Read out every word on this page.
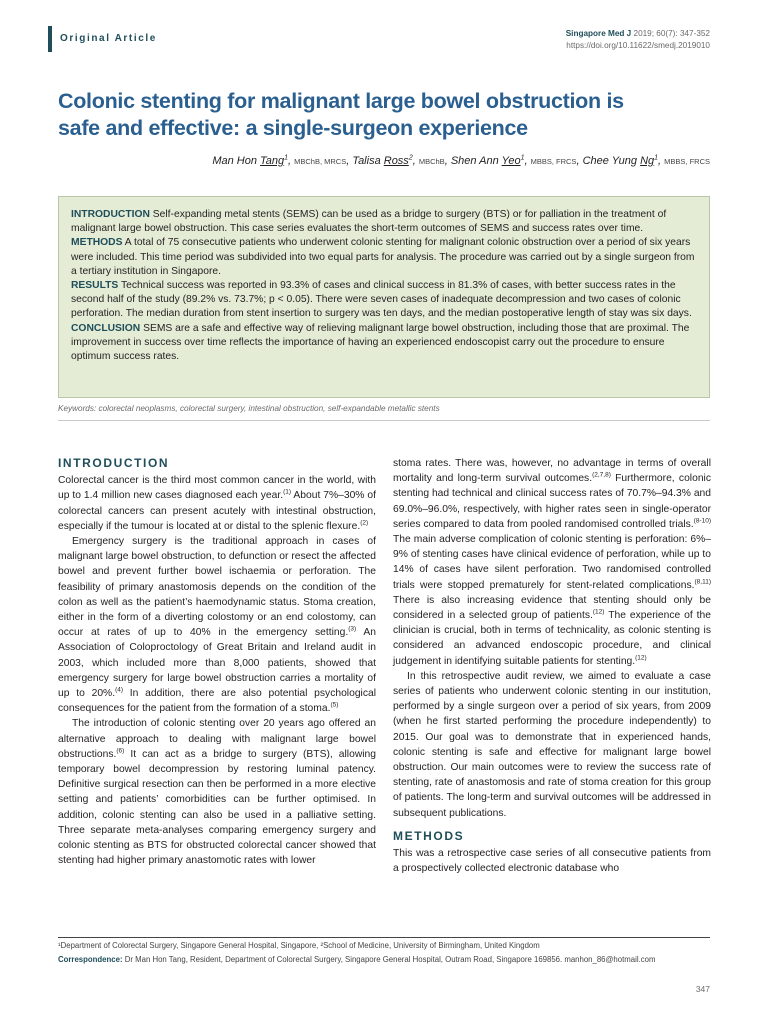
Original Article	Singapore Med J 2019; 60(7): 347-352
https://doi.org/10.11622/smedj.2019010
Colonic stenting for malignant large bowel obstruction is
safe and effective: a single-surgeon experience
Man Hon Tang$^1$, MBChB, MRCS, Talisa Ross$^2$, MBChB, Shen Ann Yeo$^1$, MBBS, FRCS, Chee Yung Ng$^1$, MBBS, FRCS

INTRODUCTION Self-expanding metal stents (SEMS) can be used as a bridge to surgery (BTS) or for palliation in the treatment of malignant large bowel obstruction. This case series evaluates the short-term outcomes of SEMS and success rates over time.

METHODS A total of 75 consecutive patients who underwent colonic stenting for malignant colonic obstruction over a period of six years were included. This time period was subdivided into two equal parts for analysis. The procedure was carried out by a single surgeon from a tertiary institution in Singapore.

RESULTS Technical success was reported in 93.3% of cases and clinical success in 81.3% of cases, with better success rates in the second half of the study (89.2% vs. 73.7%; p < 0.05). There were seven cases of inadequate decompression and two cases of colonic perforation. The median duration from stent insertion to surgery was ten days, and the median postoperative length of stay was six days.

CONCLUSION SEMS are a safe and effective way of relieving malignant large bowel obstruction, including those that are proximal. The improvement in success over time reflects the importance of having an experienced endoscopist carry out the procedure to ensure optimum success rates.

Keywords: colorectal neoplasms, colorectal surgery, intestinal obstruction, self-expandable metallic stents
INTRODUCTION

Colorectal cancer is the third most common cancer in the world, with up to 1.4 million new cases diagnosed each year.$^{(1)}$ About 7%–30% of colorectal cancers can present acutely with intestinal obstruction, especially if the tumour is located at or distal to the splenic flexure.$^{(2)}$

Emergency surgery is the traditional approach in cases of malignant large bowel obstruction, to defunction or resect the affected bowel and prevent further bowel ischaemia or perforation. The feasibility of primary anastomosis depends on the condition of the colon as well as the patient’s haemodynamic status. Stoma creation, either in the form of a diverting colostomy or an end colostomy, can occur at rates of up to 40% in the emergency setting.$^{(3)}$ An Association of Coloproctology of Great Britain and Ireland audit in 2003, which included more than 8,000 patients, showed that emergency surgery for large bowel obstruction carries a mortality of up to 20%.$^{(4)}$ In addition, there are also potential psychological consequences for the patient from the formation of a stoma.$^{(5)}$

The introduction of colonic stenting over 20 years ago offered an alternative approach to dealing with malignant large bowel obstructions.$^{(6)}$ It can act as a bridge to surgery (BTS), allowing temporary bowel decompression by restoring luminal patency. Definitive surgical resection can then be performed in a more elective setting and patients’ comorbidities can be further optimised. In addition, colonic stenting can also be used in a palliative setting. Three separate meta-analyses comparing emergency surgery and colonic stenting as BTS for obstructed colorectal cancer showed that stenting had higher primary anastomotic rates with lower

stoma rates. There was, however, no advantage in terms of overall mortality and long-term survival outcomes.$^{(2,7,8)}$ Furthermore, colonic stenting had technical and clinical success rates of 70.7%–94.3% and 69.0%–96.0%, respectively, with higher rates seen in single-operator series compared to data from pooled randomised controlled trials.$^{(8-10)}$ The main adverse complication of colonic stenting is perforation: 6%–9% of stenting cases have clinical evidence of perforation, while up to 14% of cases have silent perforation. Two randomised controlled trials were stopped prematurely for stent-related complications.$^{(8,11)}$ There is also increasing evidence that stenting should only be considered in a selected group of patients.$^{(12)}$ The experience of the clinician is crucial, both in terms of technicality, as colonic stenting is considered an advanced endoscopic procedure, and clinical judgement in identifying suitable patients for stenting.$^{(12)}$

In this retrospective audit review, we aimed to evaluate a case series of patients who underwent colonic stenting in our institution, performed by a single surgeon over a period of six years, from 2009 (when he first started performing the procedure independently) to 2015. Our goal was to demonstrate that in experienced hands, colonic stenting is safe and effective for malignant large bowel obstruction. Our main outcomes were to review the success rate of stenting, rate of anastomosis and rate of stoma creation for this group of patients. The long-term and survival outcomes will be addressed in subsequent publications.

METHODS

This was a retrospective case series of all consecutive patients from a prospectively collected electronic database who

¹Department of Colorectal Surgery, Singapore General Hospital, Singapore, ²School of Medicine, University of Birmingham, United Kingdom
Correspondence: Dr Man Hon Tang, Resident, Department of Colorectal Surgery, Singapore General Hospital, Outram Road, Singapore 169856. manhon_86@hotmail.com
347
